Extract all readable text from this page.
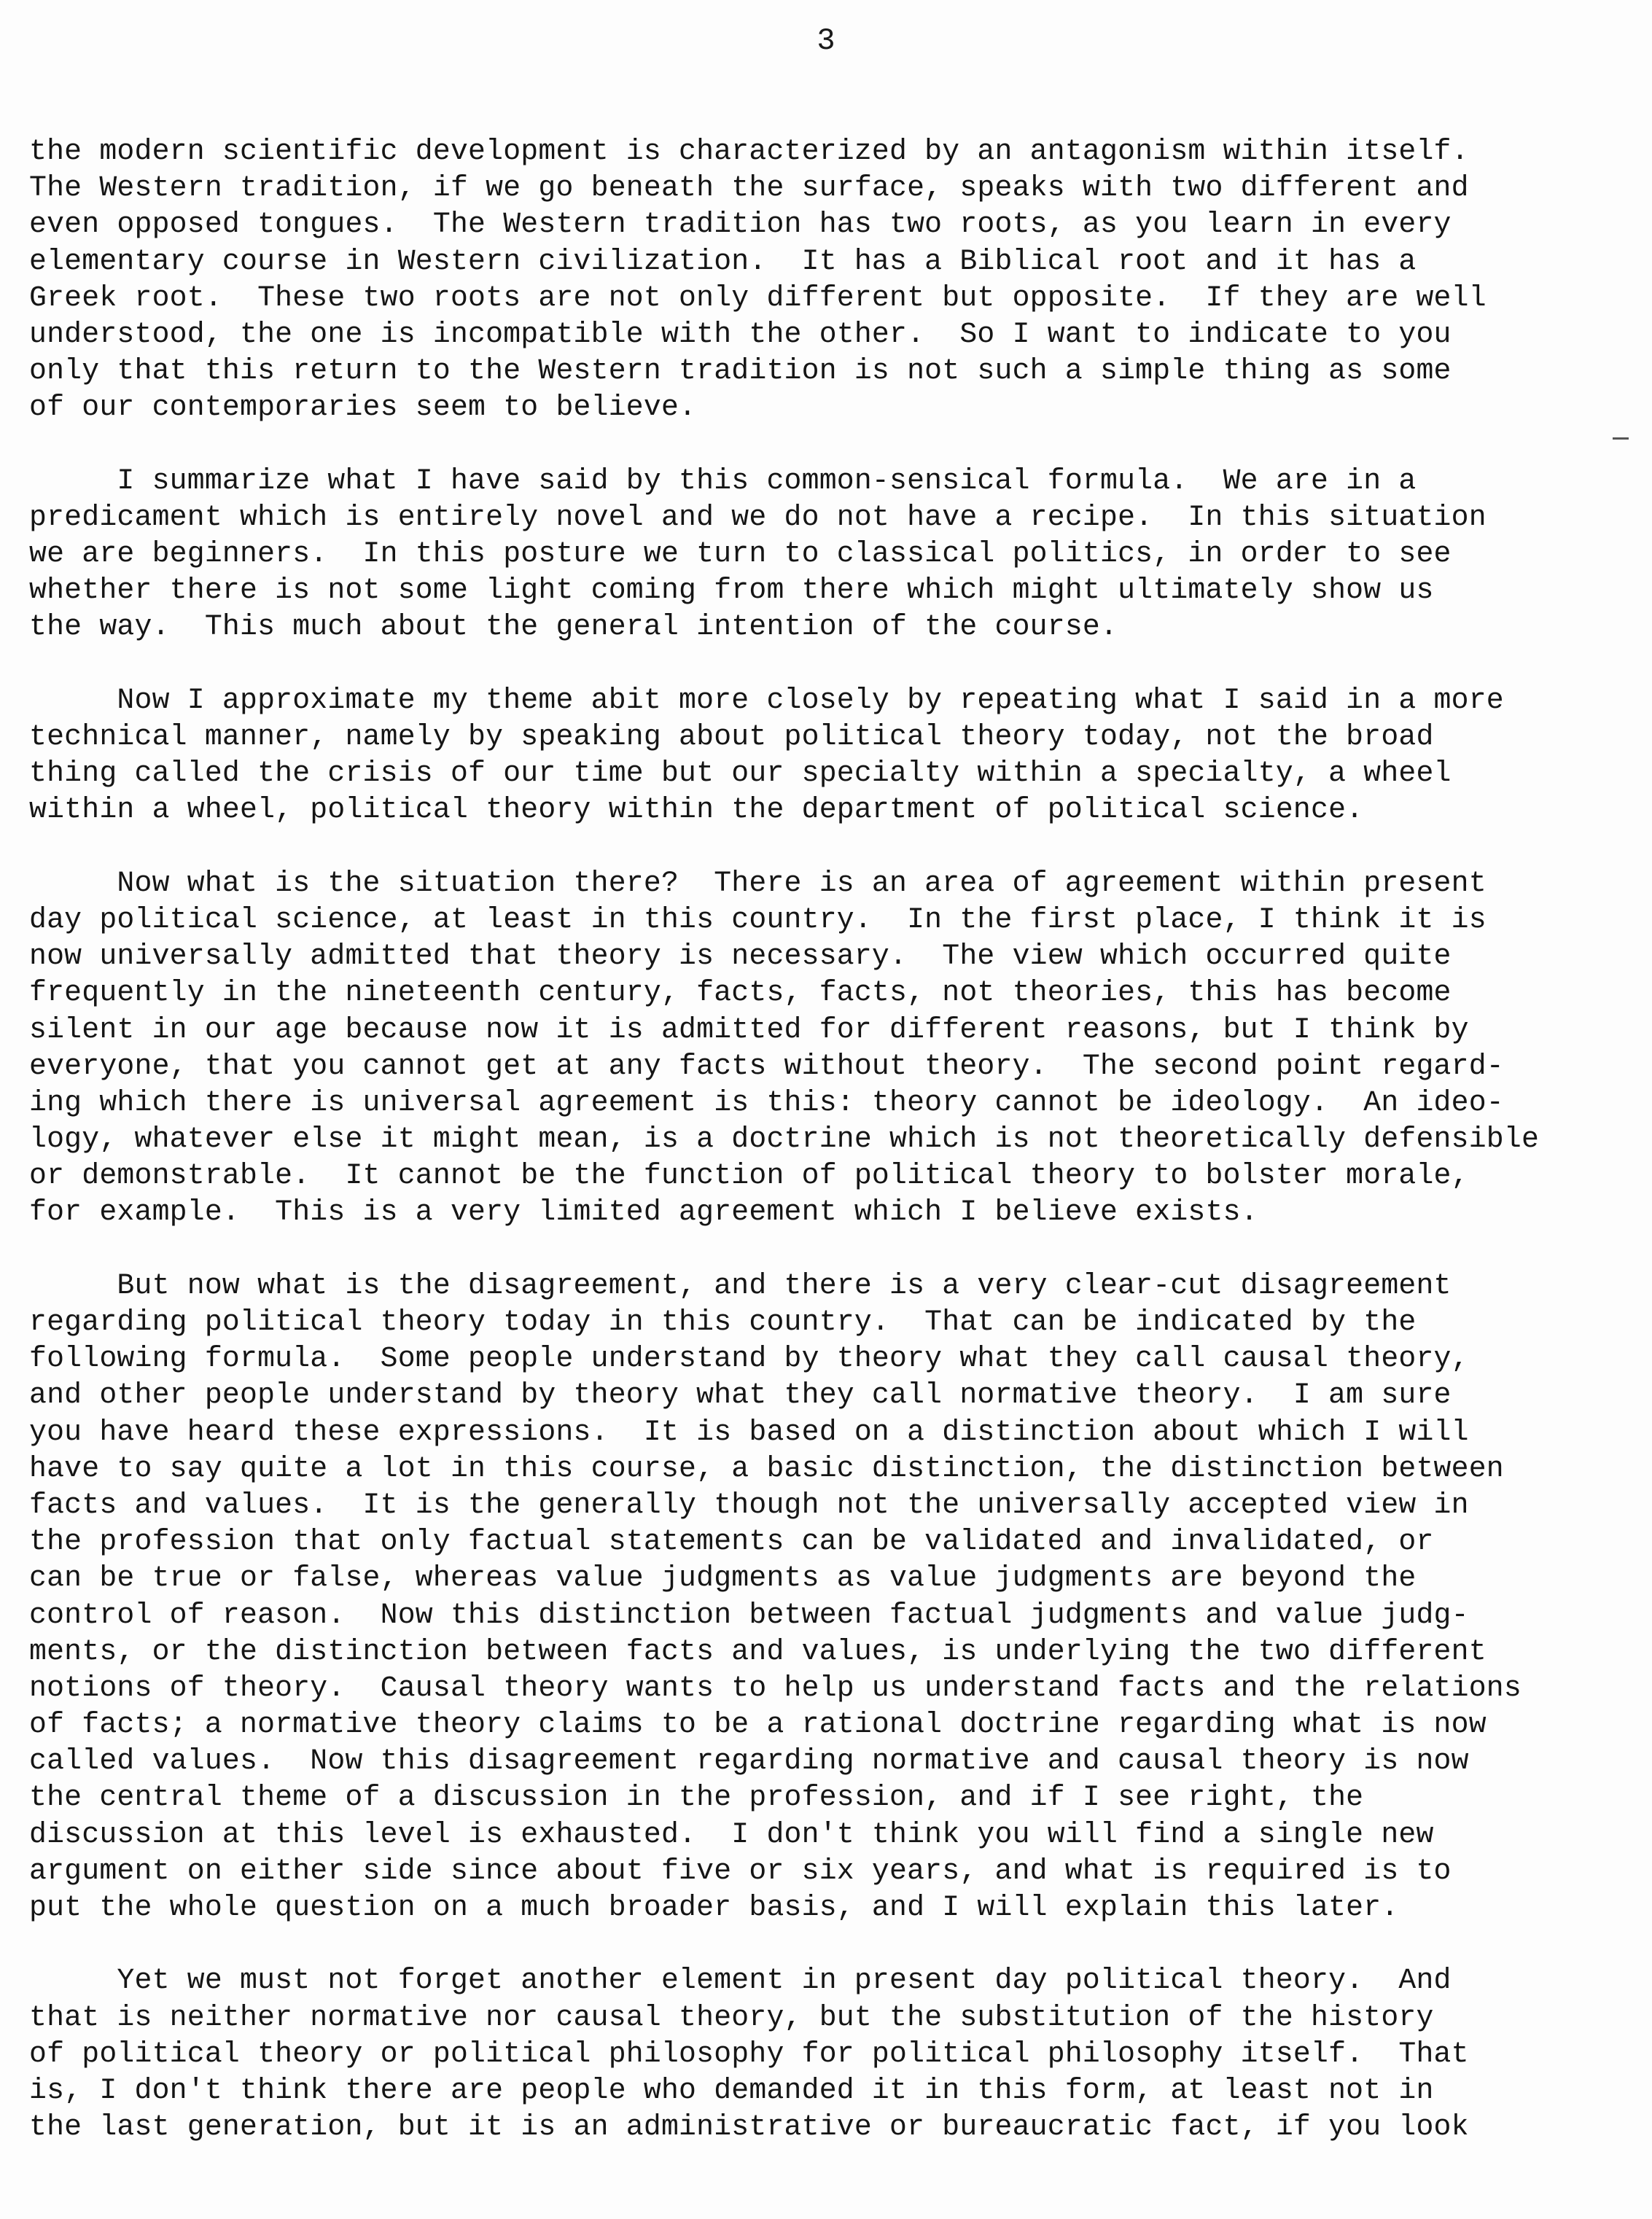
3
the modern scientific development is characterized by an antagonism within itself.
The Western tradition, if we go beneath the surface, speaks with two different and
even opposed tongues.  The Western tradition has two roots, as you learn in every
elementary course in Western civilization.  It has a Biblical root and it has a
Greek root.  These two roots are not only different but opposite.  If they are well
understood, the one is incompatible with the other.  So I want to indicate to you
only that this return to the Western tradition is not such a simple thing as some
of our contemporaries seem to believe.
I summarize what I have said by this common-sensical formula.  We are in a
predicament which is entirely novel and we do not have a recipe.  In this situation
we are beginners.  In this posture we turn to classical politics, in order to see
whether there is not some light coming from there which might ultimately show us
the way.  This much about the general intention of the course.
Now I approximate my theme abit more closely by repeating what I said in a more
technical manner, namely by speaking about political theory today, not the broad
thing called the crisis of our time but our specialty within a specialty, a wheel
within a wheel, political theory within the department of political science.
Now what is the situation there?  There is an area of agreement within present
day political science, at least in this country.  In the first place, I think it is
now universally admitted that theory is necessary.  The view which occurred quite
frequently in the nineteenth century, facts, facts, not theories, this has become
silent in our age because now it is admitted for different reasons, but I think by
everyone, that you cannot get at any facts without theory.  The second point regard-
ing which there is universal agreement is this: theory cannot be ideology.  An ideo-
logy, whatever else it might mean, is a doctrine which is not theoretically defensible
or demonstrable.  It cannot be the function of political theory to bolster morale,
for example.  This is a very limited agreement which I believe exists.
But now what is the disagreement, and there is a very clear-cut disagreement
regarding political theory today in this country.  That can be indicated by the
following formula.  Some people understand by theory what they call causal theory,
and other people understand by theory what they call normative theory.  I am sure
you have heard these expressions.  It is based on a distinction about which I will
have to say quite a lot in this course, a basic distinction, the distinction between
facts and values.  It is the generally though not the universally accepted view in
the profession that only factual statements can be validated and invalidated, or
can be true or false, whereas value judgments as value judgments are beyond the
control of reason.  Now this distinction between factual judgments and value judg-
ments, or the distinction between facts and values, is underlying the two different
notions of theory.  Causal theory wants to help us understand facts and the relations
of facts; a normative theory claims to be a rational doctrine regarding what is now
called values.  Now this disagreement regarding normative and causal theory is now
the central theme of a discussion in the profession, and if I see right, the
discussion at this level is exhausted.  I don't think you will find a single new
argument on either side since about five or six years, and what is required is to
put the whole question on a much broader basis, and I will explain this later.
Yet we must not forget another element in present day political theory.  And
that is neither normative nor causal theory, but the substitution of the history
of political theory or political philosophy for political philosophy itself.  That
is, I don't think there are people who demanded it in this form, at least not in
the last generation, but it is an administrative or bureaucratic fact, if you look
